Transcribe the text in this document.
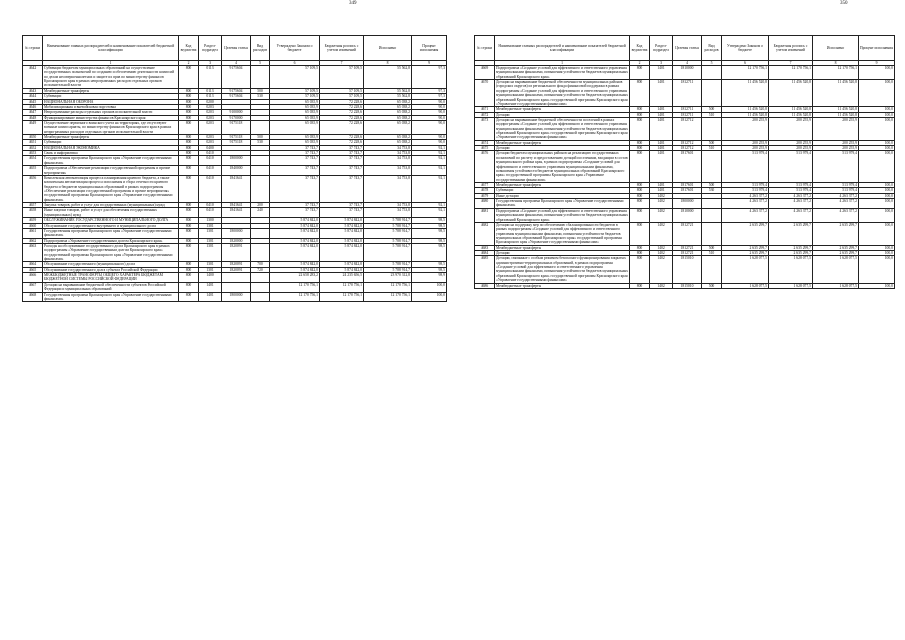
349
№ строки	Наименование главных распорядителей и наименование показателей бюджетной классификации	Код ведомства	Раздел-подраздел	Целевая статья	Вид расходов	Утверждено Законом о бюджете	Бюджетная роспись с учетом изменений	Исполнено	Процент исполнения
	1	2	3	4	5	6	7	8	9
4642	Субвенции бюджетам муниципальных образований на осуществление государственных полномочий по созданию и обеспечению деятельности комиссий по делам несовершеннолетних и защите их прав по министерству финансов Красноярского края в рамках непрограммных расходов отдельных органов исполнительной власти	800	0113	9175604		57 109,5	57 109,5	55 562,8	97,3
4643	Межбюджетные трансферты	800	0113	9175604	500	57 109,5	57 109,5	55 562,8	97,3
4644	Субвенции	800	0113	9175604	530	57 109,5	57 109,5	55 562,8	97,3
4645	НАЦИОНАЛЬНАЯ ОБОРОНА	800	0200			65 035,9	72 228,6	65 038,2	90,0
4646	Мобилизационная и вневойсковая подготовка	800	0203			65 035,9	72 228,6	65 038,2	90,0
4647	Непрограммные расходы отдельных органов исполнительной власти	800	0203	9100000		65 035,9	72 228,6	65 038,2	90,0
4648	Функционирование министерства финансов Красноярского края	800	0203	9170000		65 035,9	72 228,6	65 038,2	90,0
4649	Осуществление первичного воинского учета на территориях, где отсутствуют военные комиссариаты, по министерству финансов Красноярского края в рамках непрограммных расходов отдельных органов исполнительной власти	800	0203	9175118		65 035,9	72 228,6	65 038,2	90,0
4650	Межбюджетные трансферты	800	0203	9175118	500	65 035,9	72 228,6	65 038,2	90,0
4651	Субвенции	800	0203	9175118	530	65 035,9	72 228,6	65 038,2	90,0
4652	НАЦИОНАЛЬНАЯ ЭКОНОМИКА	800	0400			37 743,7	37 743,7	34 753,8	92,1
4653	Связь и информатика	800	0410			37 743,7	37 743,7	34 753,8	92,1
4654	Государственная программа Красноярского края «Управление государственными финансами»	800	0410	1800000		37 743,7	37 743,7	34 753,8	92,1
4655	Подпрограмма «Обеспечение реализации государственной программы и прочие мероприятия»	800	0410	1840000		37 743,7	37 743,7	34 753,8	92,1
4656	Комплексная автоматизация процесса планирования краевого бюджета, а также комплексная автоматизация процесса исполнения и сбора отчетности краевого бюджета и бюджетов муниципальных образований в рамках подпрограммы «Обеспечение реализации государственной программы и прочие мероприятия» государственной программы Красноярского края «Управление государственными финансами»	800	0410	1841641		37 743,7	37 743,7	34 753,8	92,1
4657	Закупка товаров, работ и услуг для государственных (муниципальных) нужд	800	0410	1841641	200	37 743,7	37 743,7	34 753,8	92,1
4658	Иные закупки товаров, работ и услуг для обеспечения государственных (муниципальных) нужд	800	0410	1841641	240	37 743,7	37 743,7	34 753,8	92,1
4659	ОБСЛУЖИВАНИЕ ГОСУДАРСТВЕННОГО И МУНИЦИПАЛЬНОГО ДОЛГА	800	1300			5 874 842,0	5 874 842,0	5 788 914,7	98,5
4660	Обслуживание государственного внутреннего и муниципального долга	800	1301			5 874 842,0	5 874 842,0	5 788 914,7	98,5
4661	Государственная программа Красноярского края «Управление государственными финансами»	800	1301	1800000		5 874 842,0	5 874 842,0	5 788 914,7	98,5
4662	Подпрограмма «Управление государственным долгом Красноярского края»	800	1301	1820000		5 874 842,0	5 874 842,0	5 788 914,7	98,5
4663	Расходы на обслуживание государственного долга Красноярского края в рамках подпрограммы «Управление государственным долгом Красноярского края» государственной программы Красноярского края «Управление государственными финансами»	800	1301	1820091		5 874 842,0	5 874 842,0	5 788 914,7	98,5
4664	Обслуживание государственного (муниципального) долга	800	1301	1820091	700	5 874 842,0	5 874 842,0	5 788 914,7	98,5
4665	Обслуживание государственного долга субъекта Российской Федерации	800	1301	1820091	720	5 874 842,0	5 874 842,0	5 788 914,7	98,5
4666	МЕЖБЮДЖЕТНЫЕ ТРАНСФЕРТЫ ОБЩЕГО ХАРАКТЕРА БЮДЖЕТАМ БЮДЖЕТНОЙ СИСТЕМЫ РОССИЙСКОЙ ФЕДЕРАЦИИ	800	1400			22 658 283,2	24 235 656,5	23 970 312,8	98,9
4667	Дотации на выравнивание бюджетной обеспеченности субъектов Российской Федерации и муниципальных образований	800	1401			12 170 756,1	12 170 756,1	12 170 756,1	100,0
4668	Государственная программа Красноярского края «Управление государственными финансами»	800	1401	1800000		12 170 756,1	12 170 756,1	12 170 756,1	100,0
350
№ строки	Наименование главных распорядителей и наименование показателей бюджетной классификации	Код ведомства	Раздел-подраздел	Целевая статья	Вид расходов	Утверждено Законом о бюджете	Бюджетная роспись с учетом изменений	Исполнено	Процент исполнения
	1	2	3	4	5	6	7	8	9
4669	Подпрограмма «Создание условий для эффективного и ответственного управления муниципальными финансами, повышения устойчивости бюджетов муниципальных образований Красноярского края»	800	1401	1810000		12 170 756,1	12 170 756,1	12 170 756,1	100,0
4670	Дотации на выравнивание бюджетной обеспеченности муниципальных районов (городских округов) из регионального фонда финансовой поддержки в рамках подпрограммы «Создание условий для эффективного и ответственного управления муниципальными финансами, повышения устойчивости бюджетов муниципальных образований Красноярского края» государственной программы Красноярского края «Управление государственными финансами»	800	1401	1812711		11 456 520,8	11 456 520,8	11 456 520,8	100,0
4671	Межбюджетные трансферты	800	1401	1812711	500	11 456 520,8	11 456 520,8	11 456 520,8	100,0
4672	Дотации	800	1401	1812711	510	11 456 520,8	11 456 520,8	11 456 520,8	100,0
4673	Дотации на выравнивание бюджетной обеспеченности поселений в рамках подпрограммы «Создание условий для эффективного и ответственного управления муниципальными финансами, повышения устойчивости бюджетов муниципальных образований Красноярского края» государственной программы Красноярского края «Управление государственными финансами»	800	1401	1812712		200 255,9	200 255,9	200 255,9	100,0
4674	Межбюджетные трансферты	800	1401	1812712	500	200 255,9	200 255,9	200 255,9	100,0
4675	Дотации	800	1401	1812712	510	200 255,9	200 255,9	200 255,9	100,0
4676	Дотации бюджетам муниципальных районов на реализацию государственных полномочий по расчету и предоставлению дотаций поселениям, входящим в состав муниципального района края, в рамках подпрограммы «Создание условий для эффективного и ответственного управления муниципальными финансами, повышения устойчивости бюджетов муниципальных образований Красноярского края» государственной программы Красноярского края «Управление государственными финансами»	800	1401	1817601		513 979,4	513 979,4	513 979,4	100,0
4677	Межбюджетные трансферты	800	1401	1817601	500	513 979,4	513 979,4	513 979,4	100,0
4678	Субвенции	800	1401	1817601	530	513 979,4	513 979,4	513 979,4	100,0
4679	Иные дотации	800	1402			4 263 377,2	4 263 377,2	4 263 377,2	100,0
4680	Государственная программа Красноярского края «Управление государственными финансами»	800	1402	1800000		4 263 377,2	4 263 377,2	4 263 377,2	100,0
4681	Подпрограмма «Создание условий для эффективного и ответственного управления муниципальными финансами, повышения устойчивости бюджетов муниципальных образований Красноярского края»	800	1402	1810000		4 263 377,2	4 263 377,2	4 263 377,2	100,0
4682	Дотации на поддержку мер по обеспечению сбалансированности бюджетов в рамках подпрограммы «Создание условий для эффективного и ответственного управления муниципальными финансами, повышения устойчивости бюджетов муниципальных образований Красноярского края» государственной программы Красноярского края «Управление государственными финансами»	800	1402	1812721		2 635 299,7	2 635 299,7	2 635 299,7	100,0
4683	Межбюджетные трансферты	800	1402	1812721	500	2 635 299,7	2 635 299,7	2 635 299,7	100,0
4684	Дотации	800	1402	1812721	510	2 635 299,7	2 635 299,7	2 635 299,7	100,0
4685	Дотации, связанные с особым режимом безопасного функционирования закрытых административно-территориальных образований, в рамках подпрограммы «Создание условий для эффективного и ответственного управления муниципальными финансами, повышения устойчивости бюджетов муниципальных образований Красноярского края» государственной программы Красноярского края «Управление государственными финансами»	800	1402	1815010		1 628 077,5	1 628 077,5	1 628 077,5	100,0
4686	Межбюджетные трансферты	800	1402	1815010	500	1 628 077,5	1 628 077,5	1 628 077,5	100,0
